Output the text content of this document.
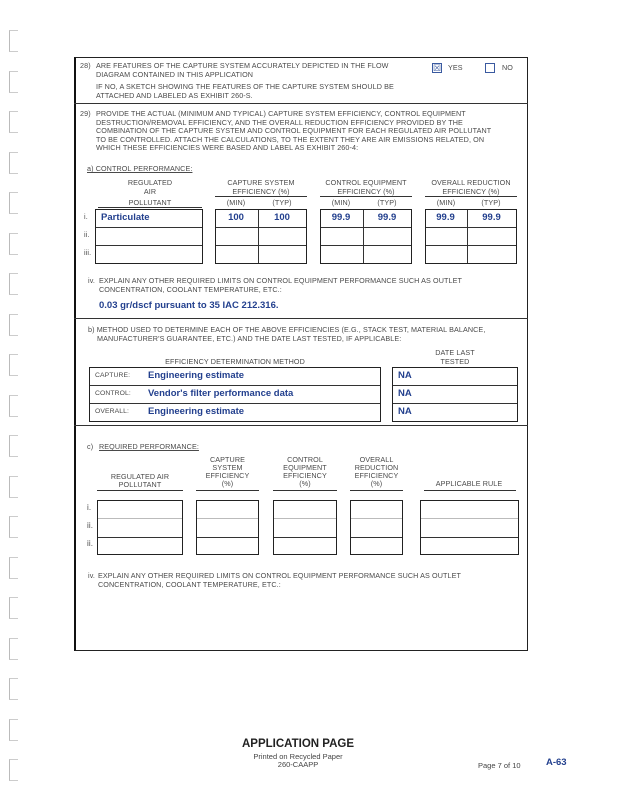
28) ARE FEATURES OF THE CAPTURE SYSTEM ACCURATELY DEPICTED IN THE FLOW
DIAGRAM CONTAINED IN THIS APPLICATION
☒ YES	NO
IF NO, A SKETCH SHOWING THE FEATURES OF THE CAPTURE SYSTEM SHOULD BE
ATTACHED AND LABELED AS EXHIBIT 260-S.
29) PROVIDE THE ACTUAL (MINIMUM AND TYPICAL) CAPTURE SYSTEM EFFICIENCY, CONTROL EQUIPMENT
DESTRUCTION/REMOVAL EFFICIENCY, AND THE OVERALL REDUCTION EFFICIENCY PROVIDED BY THE
COMBINATION OF THE CAPTURE SYSTEM AND CONTROL EQUIPMENT FOR EACH REGULATED AIR POLLUTANT
TO BE CONTROLLED. ATTACH THE CALCULATIONS, TO THE EXTENT THEY ARE AIR EMISSIONS RELATED, ON
WHICH THESE EFFICIENCIES WERE BASED AND LABEL AS EXHIBIT 260-4:
a) CONTROL PERFORMANCE:
REGULATED
AIR
POLLUTANT
CAPTURE SYSTEM
EFFICIENCY (%)
CONTROL EQUIPMENT
EFFICIENCY (%)
OVERALL REDUCTION
EFFICIENCY (%)
(MIN)	(TYP)	(MIN)	(TYP)	(MIN)	(TYP)
i. Particulate	100	100	99.9	99.9	99.9	99.9
ii.
iii.
iv. EXPLAIN ANY OTHER REQUIRED LIMITS ON CONTROL EQUIPMENT PERFORMANCE SUCH AS OUTLET
CONCENTRATION, COOLANT TEMPERATURE, ETC.:
0.03 gr/dscf pursuant to 35 IAC 212.316.
b) METHOD USED TO DETERMINE EACH OF THE ABOVE EFFICIENCIES (E.G., STACK TEST, MATERIAL BALANCE,
MANUFACTURER'S GUARANTEE, ETC.) AND THE DATE LAST TESTED, IF APPLICABLE:
DATE LAST
TESTED
EFFICIENCY DETERMINATION METHOD
CAPTURE: Engineering estimate	NA
CONTROL: Vendor's filter performance data	NA
OVERALL: Engineering estimate	NA
c) REQUIRED PERFORMANCE:
REGULATED AIR
POLLUTANT
CAPTURE
SYSTEM
EFFICIENCY
(%)
CONTROL
EQUIPMENT
EFFICIENCY
(%)
OVERALL
REDUCTION
EFFICIENCY
(%)	APPLICABLE RULE
i.
ii.
ii.
iv. EXPLAIN ANY OTHER REQUIRED LIMITS ON CONTROL EQUIPMENT PERFORMANCE SUCH AS OUTLET
CONCENTRATION, COOLANT TEMPERATURE, ETC.:
APPLICATION PAGE
Printed on Recycled Paper
260-CAAPP	Page 7 of 10	A-63
